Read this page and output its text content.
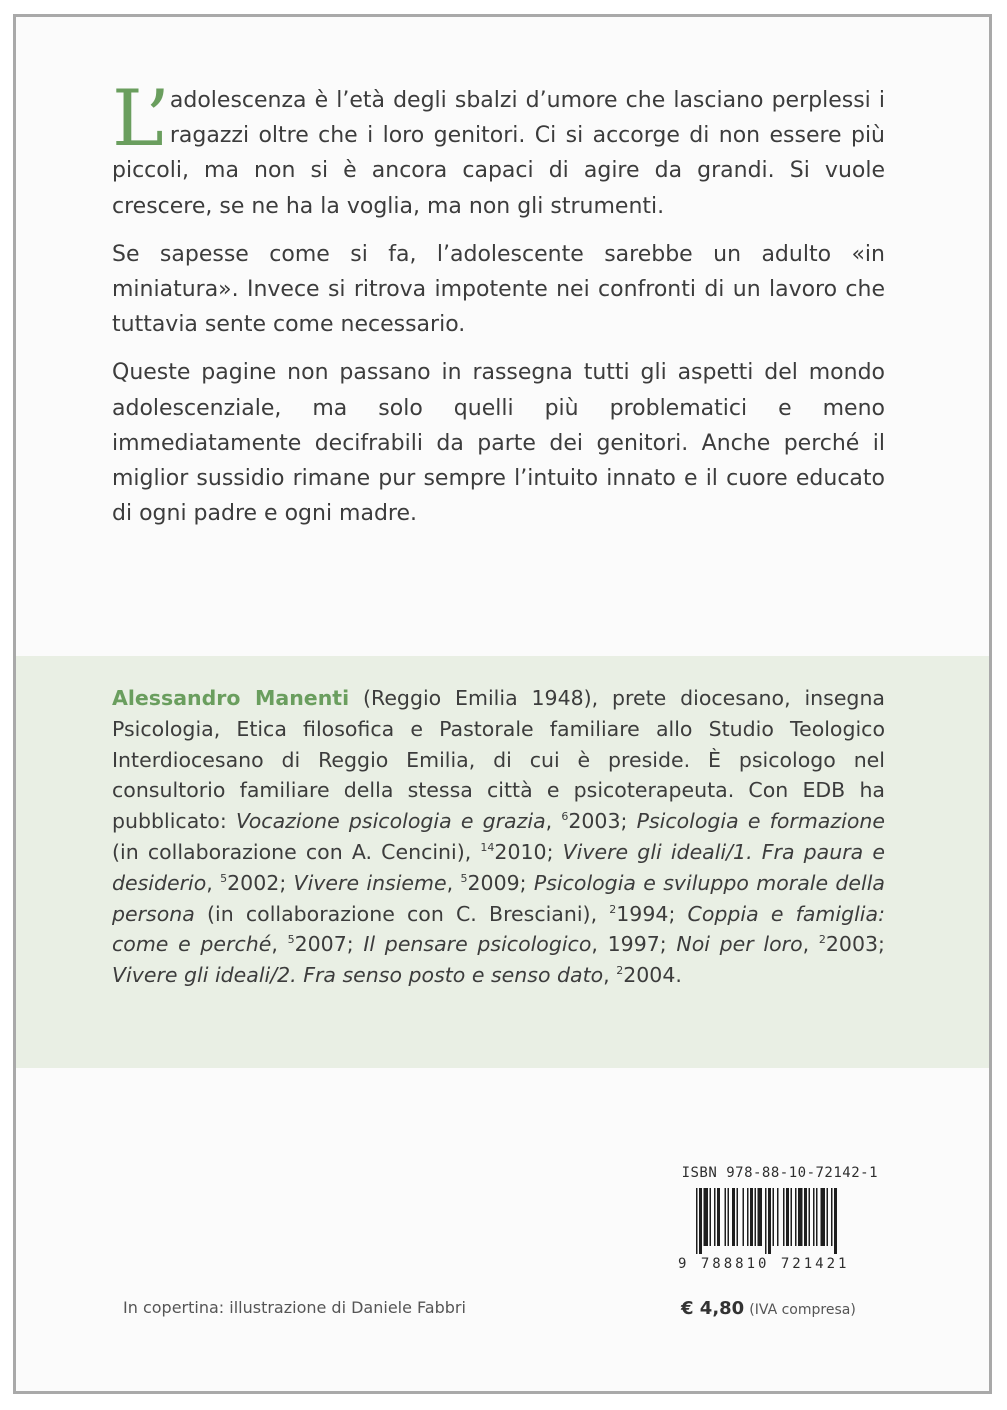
L’ adolescenza è l’età degli sbalzi d’umore che lasciano perplessi i ragazzi oltre che i loro genitori. Ci si accorge di non essere più piccoli, ma non si è ancora capaci di agire da grandi. Si vuole crescere, se ne ha la voglia, ma non gli strumenti.

Se sapesse come si fa, l’adolescente sarebbe un adulto «in miniatura». Invece si ritrova impotente nei confronti di un lavoro che tuttavia sente come necessario.

Queste pagine non passano in rassegna tutti gli aspetti del mondo adolescenziale, ma solo quelli più problematici e meno immediatamente decifrabili da parte dei genitori. Anche perché il miglior sussidio rimane pur sempre l’intuito innato e il cuore educato di ogni padre e ogni madre.

Alessandro Manenti (Reggio Emilia 1948), prete diocesano, insegna Psicologia, Etica filosofica e Pastorale familiare allo Studio Teologico Interdiocesano di Reggio Emilia, di cui è preside. È psicologo nel consultorio familiare della stessa città e psicoterapeuta. Con EDB ha pubblicato: Vocazione psicologia e grazia, $^6$2003; Psicologia e formazione (in collaborazione con A. Cencini), $^{14}$2010; Vivere gli ideali/1. Fra paura e desiderio, $^5$2002; Vivere insieme, $^5$2009; Psicologia e sviluppo morale della persona (in collaborazione con C. Bresciani), $^2$1994; Coppia e famiglia: come e perché, $^5$2007; Il pensare psicologico, 1997; Noi per loro, $^2$2003; Vivere gli ideali/2. Fra senso posto e senso dato, $^2$2004.
ISBN 978-88-10-72142-1
9 788810 721421
In copertina: illustrazione di Daniele Fabbri	€ 4,80 (IVA compresa)
